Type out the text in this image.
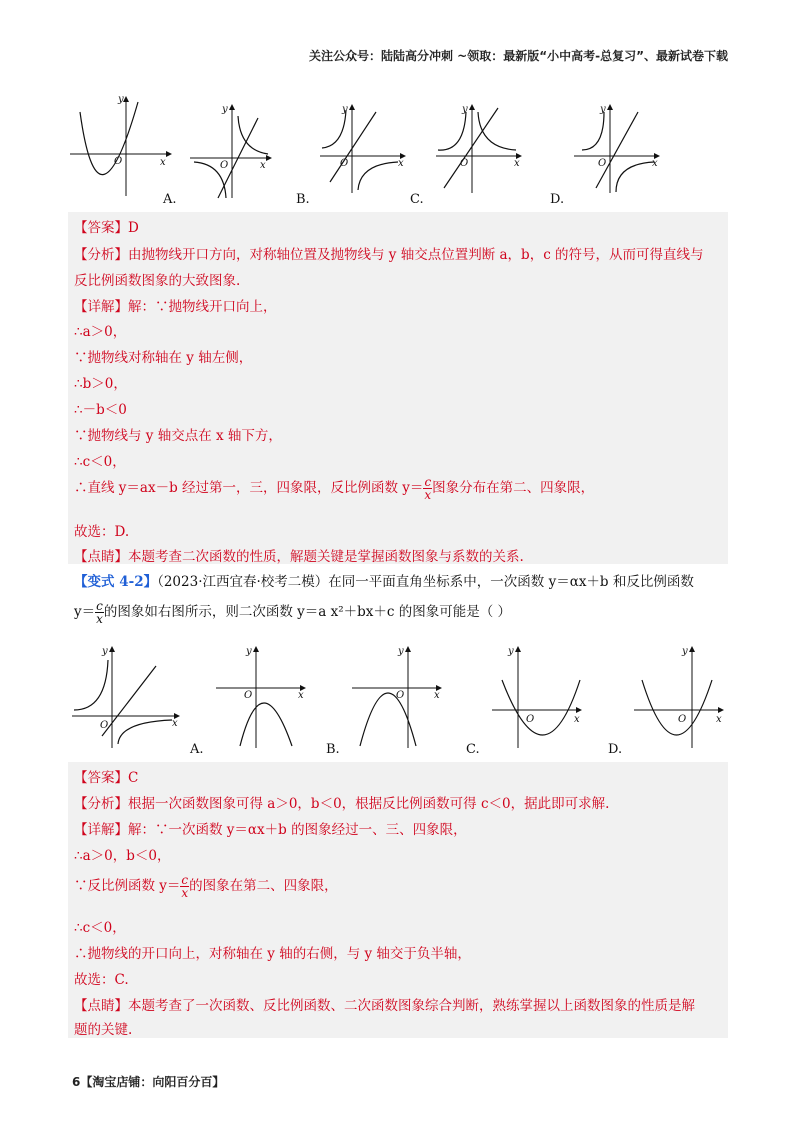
关注公众号：陆陆高分冲刺 ~领取：最新版“小中高考-总复习”、最新试卷下载
y
x
O
y
x
O
A.
y
x
O
B.
y
x
O
C.
y
x
O
D.
【答案】D
【分析】由抛物线开口方向，对称轴位置及抛物线与 y 轴交点位置判断 a，b，c 的符号，从而可得直线与
反比例函数图象的大致图象.
【详解】解：∵抛物线开口向上，
∴a＞0，
∵抛物线对称轴在 y 轴左侧，
∴b＞0，
∴－b＜0
∵抛物线与 y 轴交点在 x 轴下方，
∴c＜0，
∴直线 y＝ax－b 经过第一，三，四象限，反比例函数 $y= \frac{c}{x}$ 图象分布在第二、四象限，
故选：D.
【点睛】本题考查二次函数的性质，解题关键是掌握函数图象与系数的关系.
【变式 4-2】（2023·江西宜春·校考二模）在同一平面直角坐标系中，一次函数 y＝αx＋b 和反比例函数
$y= \frac{c}{x}$ 的图象如右图所示，则二次函数 y＝a x²＋bx＋c 的图象可能是（ ）
y
x
O
y
x
O
A.
y
x
O
B.
y
x
O
C.
y
x
O
D.
【答案】C
【分析】根据一次函数图象可得 a＞0，b＜0，根据反比例函数可得 c＜0，据此即可求解.
【详解】解：∵一次函数 y＝αx＋b 的图象经过一、三、四象限，
∴a＞0，b＜0，
∵反比例函数 $y= \frac{c}{x}$ 的图象在第二、四象限，
∴c＜0，
∴抛物线的开口向上，对称轴在 y 轴的右侧，与 y 轴交于负半轴，
故选：C.
【点睛】本题考查了一次函数、反比例函数、二次函数图象综合判断，熟练掌握以上函数图象的性质是解
题的关键.
6【淘宝店铺：向阳百分百】
